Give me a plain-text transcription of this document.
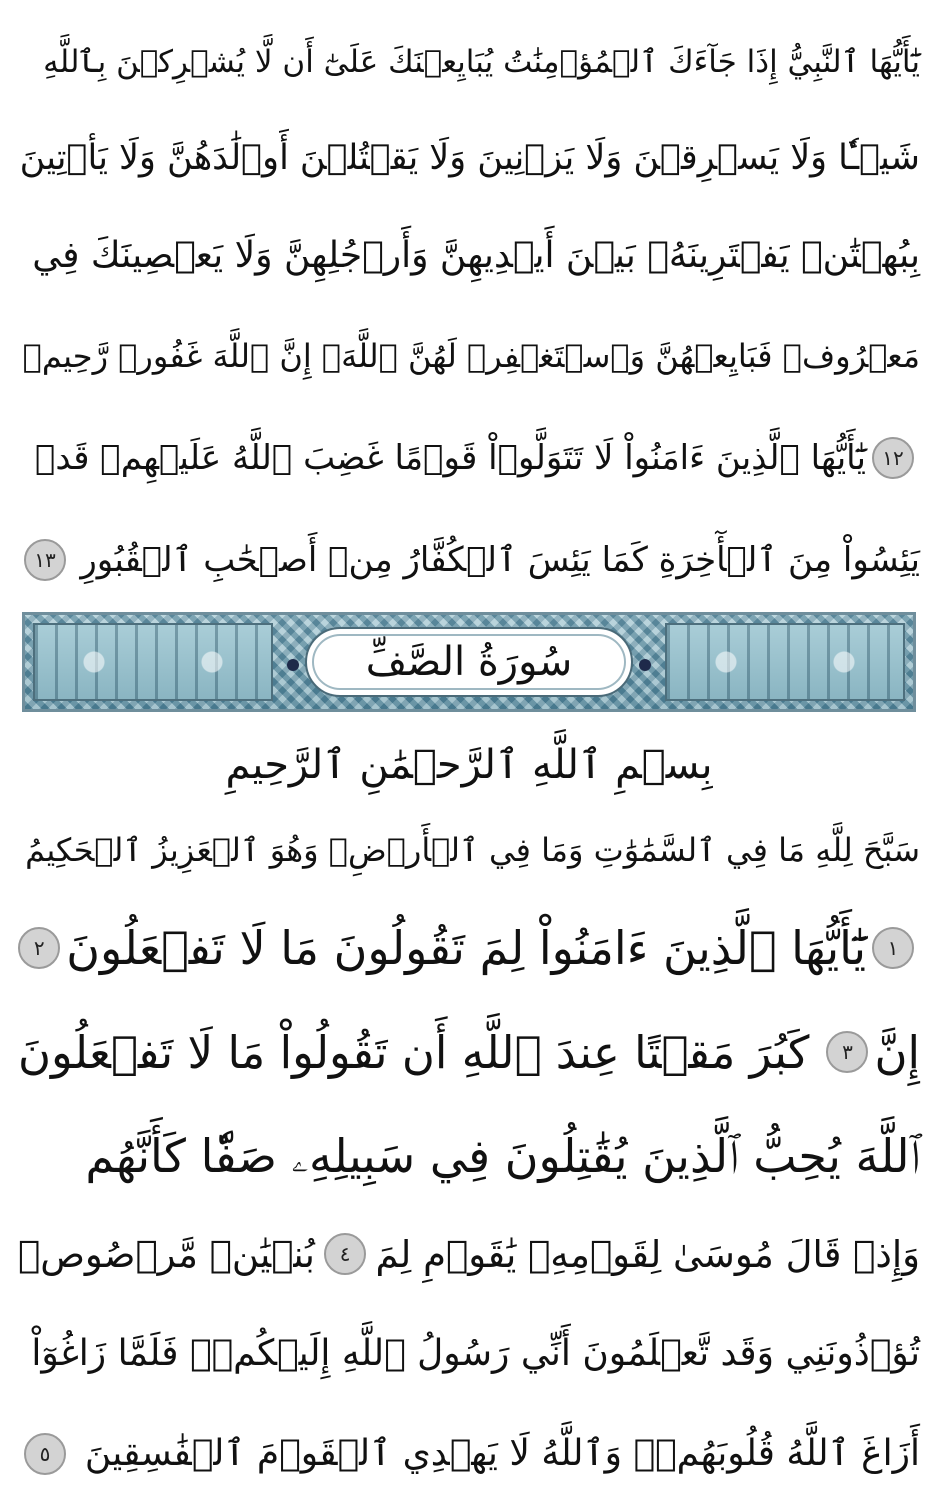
يَٰٓأَيُّهَا ٱلنَّبِيُّ إِذَا جَآءَكَ ٱلۡمُؤۡمِنَٰتُ يُبَايِعۡنَكَ عَلَىٰٓ أَن لَّا يُشۡرِكۡنَ بِٱللَّهِ
شَيۡـٔٗا وَلَا يَسۡرِقۡنَ وَلَا يَزۡنِينَ وَلَا يَقۡتُلۡنَ أَوۡلَٰدَهُنَّ وَلَا يَأۡتِينَ
بِبُهۡتَٰنٖ يَفۡتَرِينَهُۥ بَيۡنَ أَيۡدِيهِنَّ وَأَرۡجُلِهِنَّ وَلَا يَعۡصِينَكَ فِي
مَعۡرُوفٖ فَبَايِعۡهُنَّ وَٱسۡتَغۡفِرۡ لَهُنَّ ٱللَّهَۚ إِنَّ ٱللَّهَ غَفُورٞ رَّحِيمٞ
١٢
يَٰٓأَيُّهَا ٱلَّذِينَ ءَامَنُواْ لَا تَتَوَلَّوۡاْ قَوۡمًا غَضِبَ ٱللَّهُ عَلَيۡهِمۡ قَدۡ
يَئِسُواْ مِنَ ٱلۡأٓخِرَةِ كَمَا يَئِسَ ٱلۡكُفَّارُ مِنۡ أَصۡحَٰبِ ٱلۡقُبُورِ
١٣
سُورَةُ الصَّفِّ
بِسۡمِ ٱللَّهِ ٱلرَّحۡمَٰنِ ٱلرَّحِيمِ
سَبَّحَ لِلَّهِ مَا فِي ٱلسَّمَٰوَٰتِ وَمَا فِي ٱلۡأَرۡضِۖ وَهُوَ ٱلۡعَزِيزُ ٱلۡحَكِيمُ
١
يَٰٓأَيُّهَا ٱلَّذِينَ ءَامَنُواْ لِمَ تَقُولُونَ مَا لَا تَفۡعَلُونَ
٢
إِنَّ
٣
كَبُرَ مَقۡتًا عِندَ ٱللَّهِ أَن تَقُولُواْ مَا لَا تَفۡعَلُونَ
ٱللَّهَ يُحِبُّ ٱلَّذِينَ يُقَٰتِلُونَ فِي سَبِيلِهِۦ صَفّٗا كَأَنَّهُم
وَإِذۡ قَالَ مُوسَىٰ لِقَوۡمِهِۦ يَٰقَوۡمِ لِمَ
٤
بُنۡيَٰنٞ مَّرۡصُوصٞ
تُؤۡذُونَنِي وَقَد تَّعۡلَمُونَ أَنِّي رَسُولُ ٱللَّهِ إِلَيۡكُمۡۖ فَلَمَّا زَاغُوٓاْ
أَزَاغَ ٱللَّهُ قُلُوبَهُمۡۚ وَٱللَّهُ لَا يَهۡدِي ٱلۡقَوۡمَ ٱلۡفَٰسِقِينَ
٥
